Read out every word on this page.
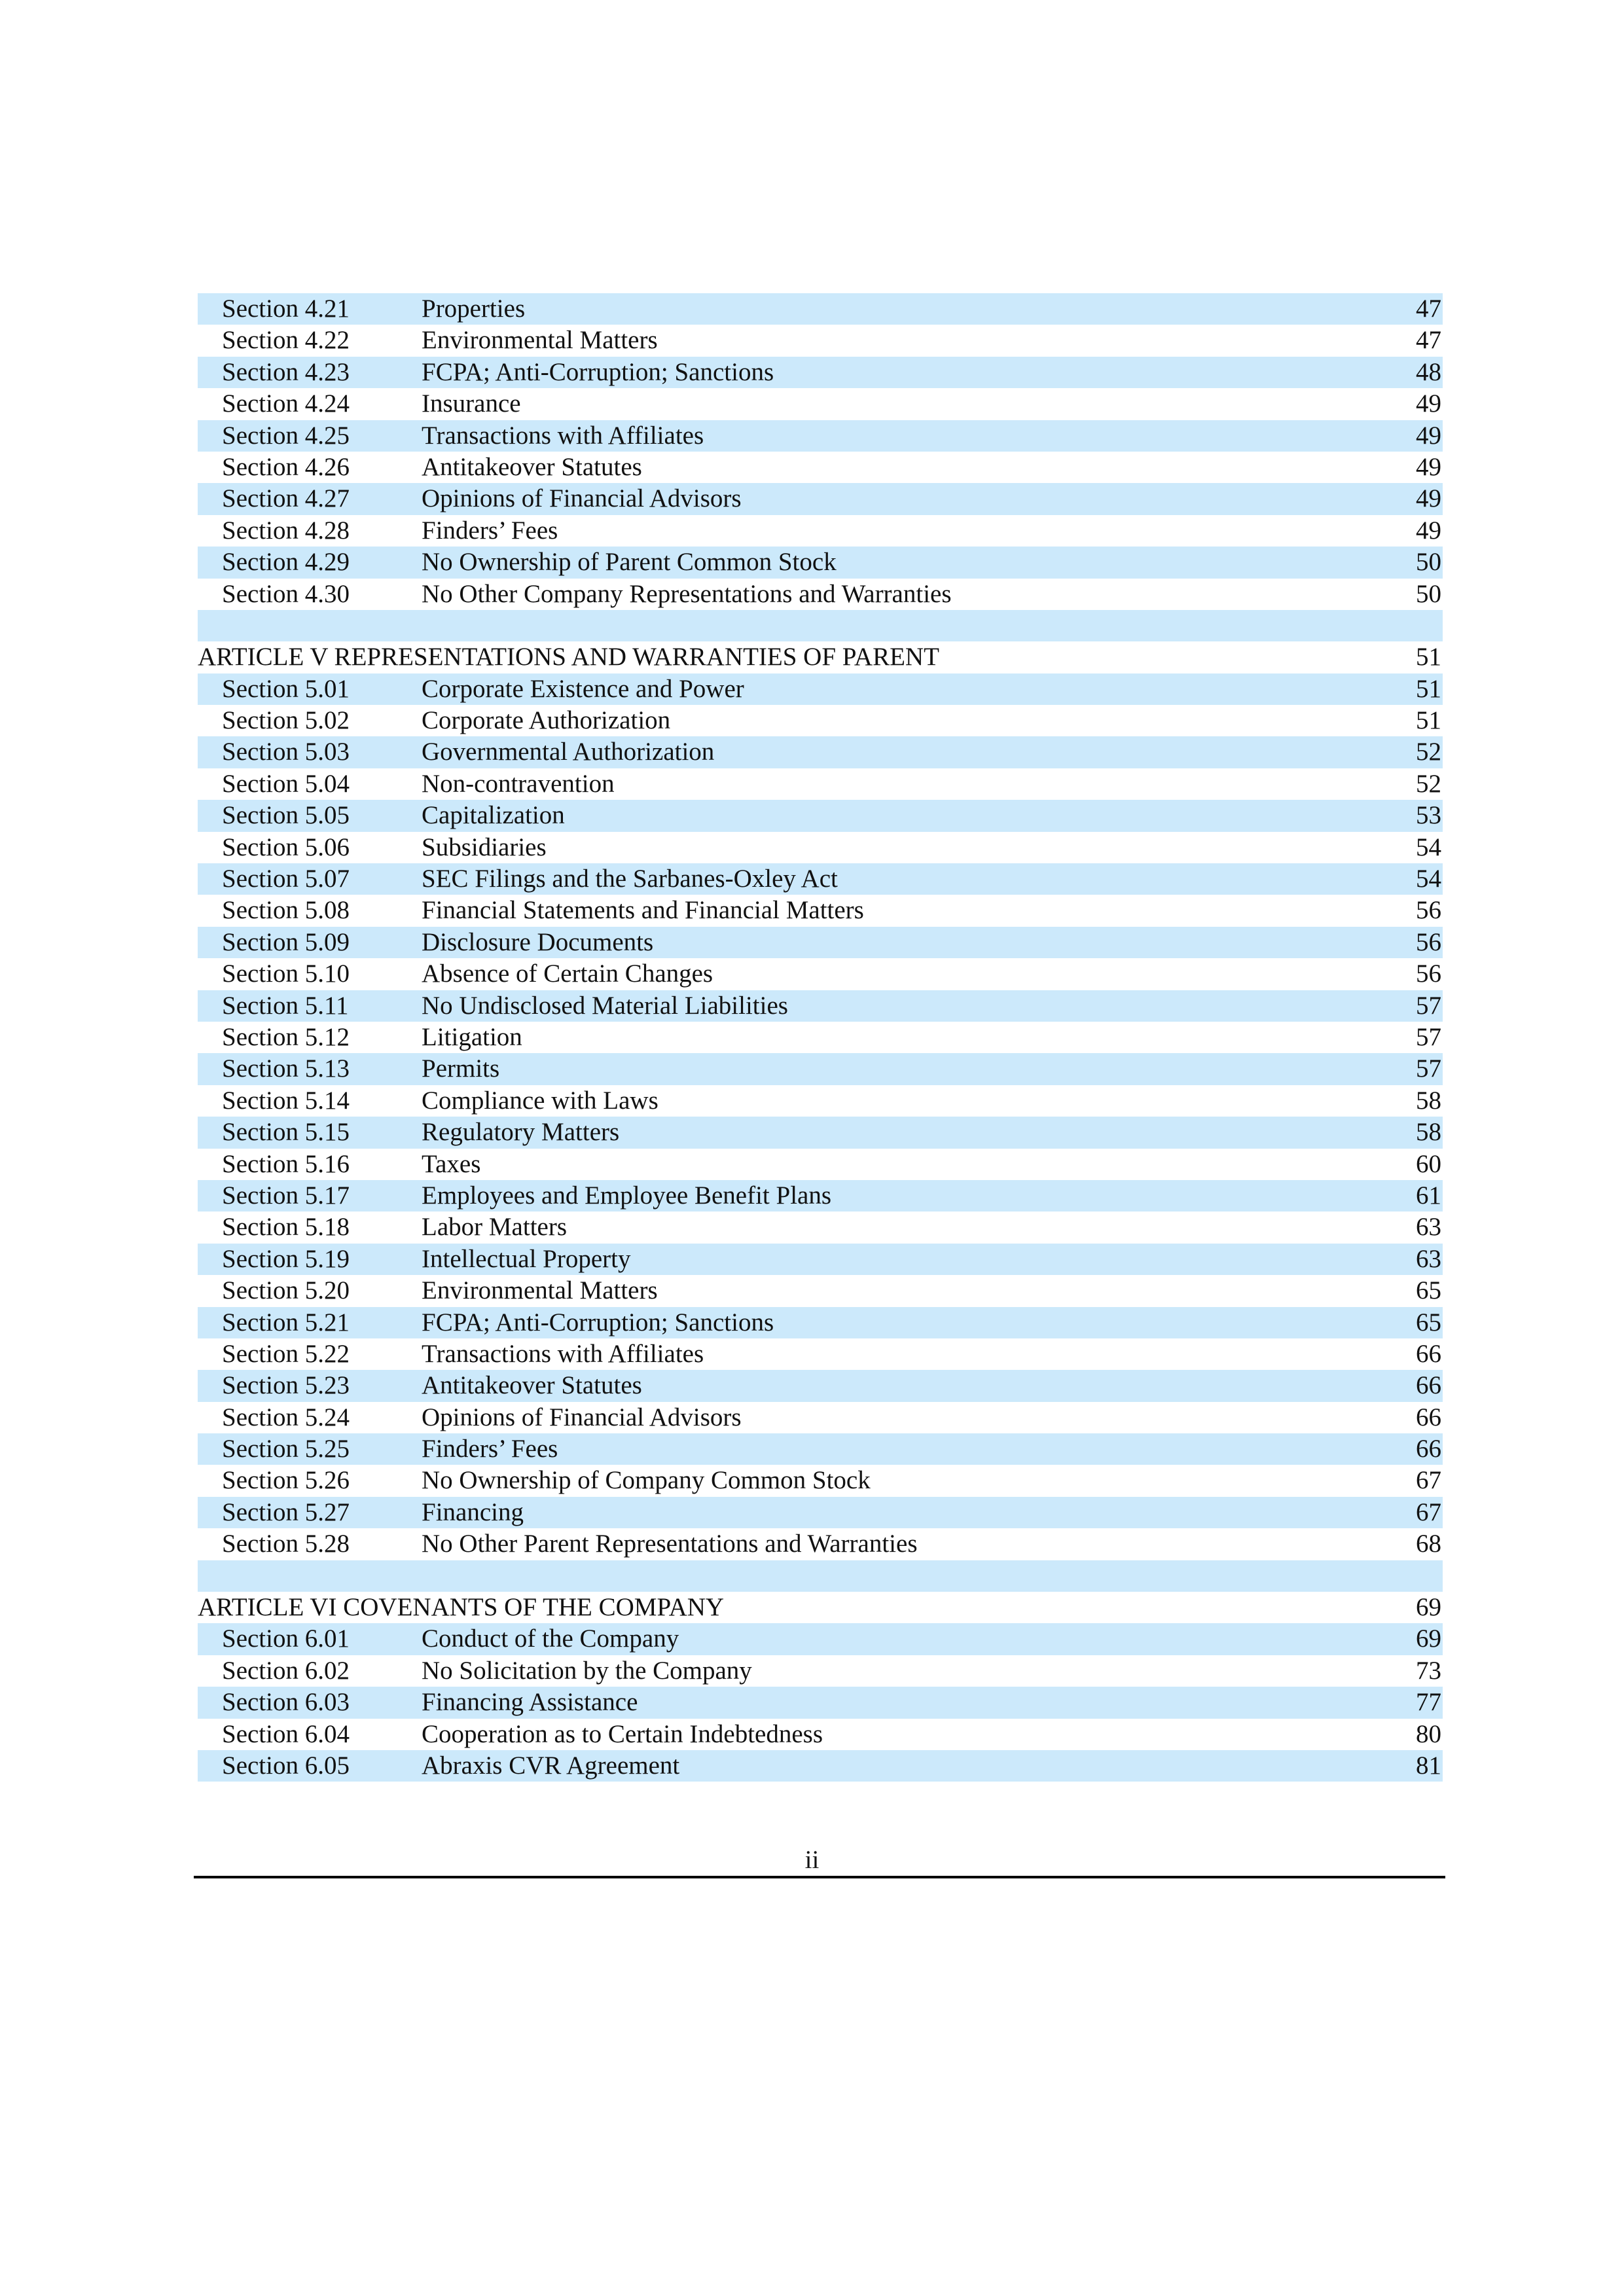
Section 4.21	Properties	47
Section 4.22	Environmental Matters	47
Section 4.23	FCPA; Anti-Corruption; Sanctions	48
Section 4.24	Insurance	49
Section 4.25	Transactions with Affiliates	49
Section 4.26	Antitakeover Statutes	49
Section 4.27	Opinions of Financial Advisors	49
Section 4.28	Finders’ Fees	49
Section 4.29	No Ownership of Parent Common Stock	50
Section 4.30	No Other Company Representations and Warranties	50
ARTICLE V REPRESENTATIONS AND WARRANTIES OF PARENT	51
Section 5.01	Corporate Existence and Power	51
Section 5.02	Corporate Authorization	51
Section 5.03	Governmental Authorization	52
Section 5.04	Non-contravention	52
Section 5.05	Capitalization	53
Section 5.06	Subsidiaries	54
Section 5.07	SEC Filings and the Sarbanes-Oxley Act	54
Section 5.08	Financial Statements and Financial Matters	56
Section 5.09	Disclosure Documents	56
Section 5.10	Absence of Certain Changes	56
Section 5.11	No Undisclosed Material Liabilities	57
Section 5.12	Litigation	57
Section 5.13	Permits	57
Section 5.14	Compliance with Laws	58
Section 5.15	Regulatory Matters	58
Section 5.16	Taxes	60
Section 5.17	Employees and Employee Benefit Plans	61
Section 5.18	Labor Matters	63
Section 5.19	Intellectual Property	63
Section 5.20	Environmental Matters	65
Section 5.21	FCPA; Anti-Corruption; Sanctions	65
Section 5.22	Transactions with Affiliates	66
Section 5.23	Antitakeover Statutes	66
Section 5.24	Opinions of Financial Advisors	66
Section 5.25	Finders’ Fees	66
Section 5.26	No Ownership of Company Common Stock	67
Section 5.27	Financing	67
Section 5.28	No Other Parent Representations and Warranties	68
ARTICLE VI COVENANTS OF THE COMPANY	69
Section 6.01	Conduct of the Company	69
Section 6.02	No Solicitation by the Company	73
Section 6.03	Financing Assistance	77
Section 6.04	Cooperation as to Certain Indebtedness	80
Section 6.05	Abraxis CVR Agreement	81
ii
